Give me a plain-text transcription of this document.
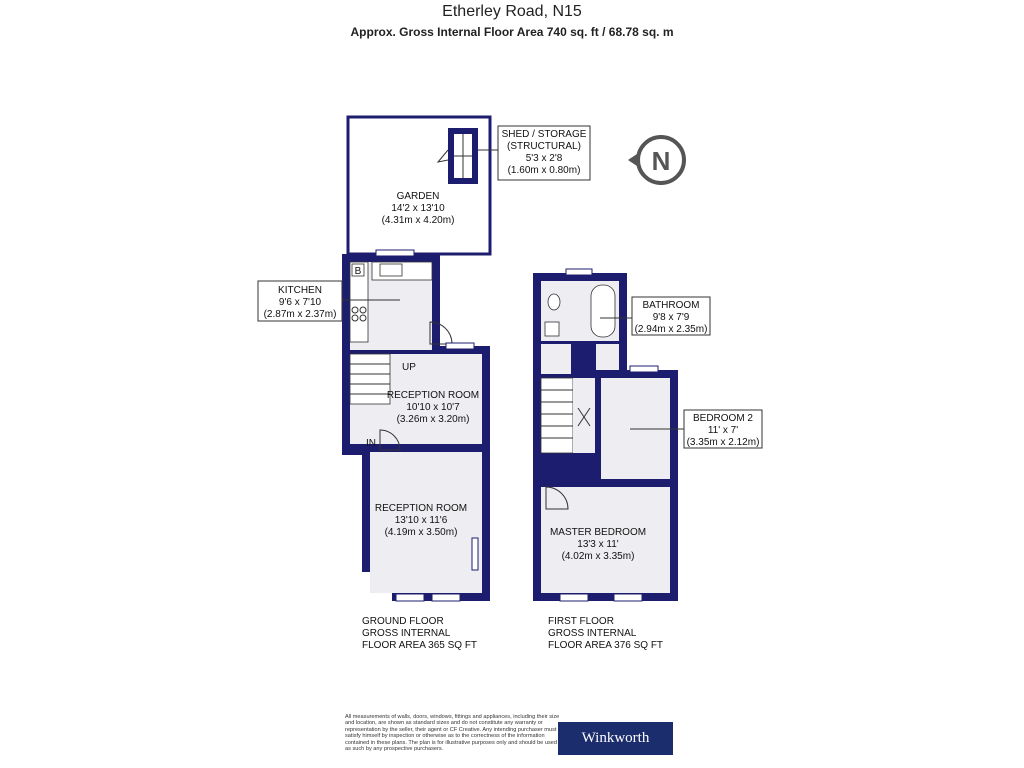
Etherley Road, N15
Approx. Gross Internal Floor Area 740 sq. ft / 68.78 sq. m
B
UP
IN
SHED / STORAGE
(STRUCTURAL)
5'3 x 2'8
(1.60m x 0.80m)
GARDEN
14'2 x 13'10
(4.31m x 4.20m)
KITCHEN
9'6 x 7'10
(2.87m x 2.37m)
RECEPTION ROOM
10'10 x 10'7
(3.26m x 3.20m)
RECEPTION ROOM
13'10 x 11'6
(4.19m x 3.50m)
BATHROOM
9'8 x 7'9
(2.94m x 2.35m)
BEDROOM 2
11' x 7'
(3.35m x 2.12m)
MASTER BEDROOM
13'3 x 11'
(4.02m x 3.35m)
N
GROUND FLOOR
GROSS INTERNAL
FLOOR AREA 365 SQ FT
FIRST FLOOR
GROSS INTERNAL
FLOOR AREA 376 SQ FT
All measurements of walls, doors, windows, fittings and appliances, including their size and location, are shown as standard sizes and do not constitute any warranty or representation by the seller, their agent or CF Creative. Any intending purchaser must satisfy himself by inspection or otherwise as to the correctness of the information contained in these plans. The plan is for illustrative purposes only and should be used as such by any prospective purchasers.
Winkworth
